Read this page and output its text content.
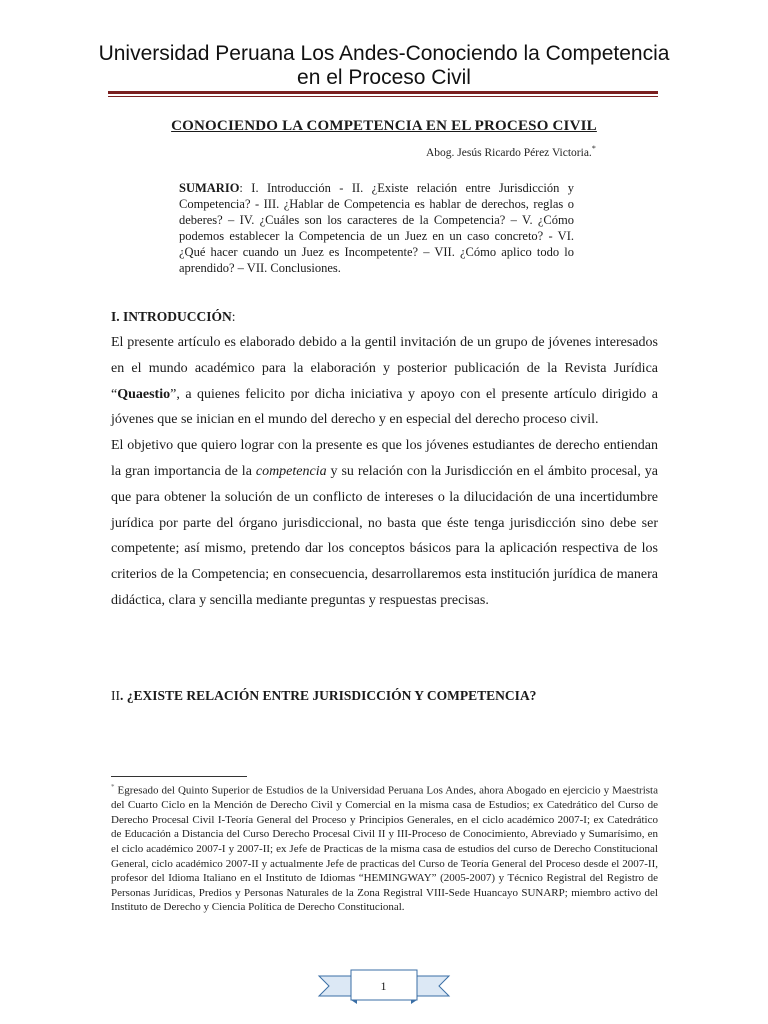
Universidad Peruana Los Andes-Conociendo la Competencia
en el Proceso Civil
CONOCIENDO LA COMPETENCIA EN EL PROCESO CIVIL
Abog. Jesús Ricardo Pérez Victoria.*
SUMARIO: I. Introducción - II. ¿Existe relación entre Jurisdicción y Competencia? - III. ¿Hablar de Competencia es hablar de derechos, reglas o deberes? – IV. ¿Cuáles son los caracteres de la Competencia? – V. ¿Cómo podemos establecer la Competencia de un Juez en un caso concreto? - VI. ¿Qué hacer cuando un Juez es Incompetente? – VII. ¿Cómo aplico todo lo aprendido? – VII. Conclusiones.
I. INTRODUCCIÓN:

El presente artículo es elaborado debido a la gentil invitación de un grupo de jóvenes interesados en el mundo académico para la elaboración y posterior publicación de la Revista Jurídica “Quaestio”, a quienes felicito por dicha iniciativa y apoyo con el presente artículo dirigido a jóvenes que se inician en el mundo del derecho y en especial del derecho proceso civil.

El objetivo que quiero lograr con la presente es que los jóvenes estudiantes de derecho entiendan la gran importancia de la competencia y su relación con la Jurisdicción en el ámbito procesal, ya que para obtener la solución de un conflicto de intereses o la dilucidación de una incertidumbre jurídica por parte del órgano jurisdiccional, no basta que éste tenga jurisdicción sino debe ser competente; así mismo, pretendo dar los conceptos básicos para la aplicación respectiva de los criterios de la Competencia; en consecuencia, desarrollaremos esta institución jurídica de manera didáctica, clara y sencilla mediante preguntas y respuestas precisas.

II. ¿EXISTE RELACIÓN ENTRE JURISDICCIÓN Y COMPETENCIA?
* Egresado del Quinto Superior de Estudios de la Universidad Peruana Los Andes, ahora Abogado en ejercicio y Maestrista del Cuarto Ciclo en la Mención de Derecho Civil y Comercial en la misma casa de Estudios; ex Catedrático del Curso de Derecho Procesal Civil I-Teoría General del Proceso y Principios Generales, en el ciclo académico 2007-I; ex Catedrático de Educación a Distancia del Curso Derecho Procesal Civil II y III-Proceso de Conocimiento, Abreviado y Sumarísimo, en el ciclo académico 2007-I y 2007-II; ex Jefe de Practicas de la misma casa de estudios del curso de Derecho Constitucional General, ciclo académico 2007-II y actualmente Jefe de practicas del Curso de Teoría General del Proceso desde el 2007-II, profesor del Idioma Italiano en el Instituto de Idiomas “HEMINGWAY” (2005-2007) y Técnico Registral del Registro de Personas Jurídicas, Predios y Personas Naturales de la Zona Registral VIII-Sede Huancayo SUNARP; miembro activo del Instituto de Derecho y Ciencia Política de Derecho Constitucional.
1
